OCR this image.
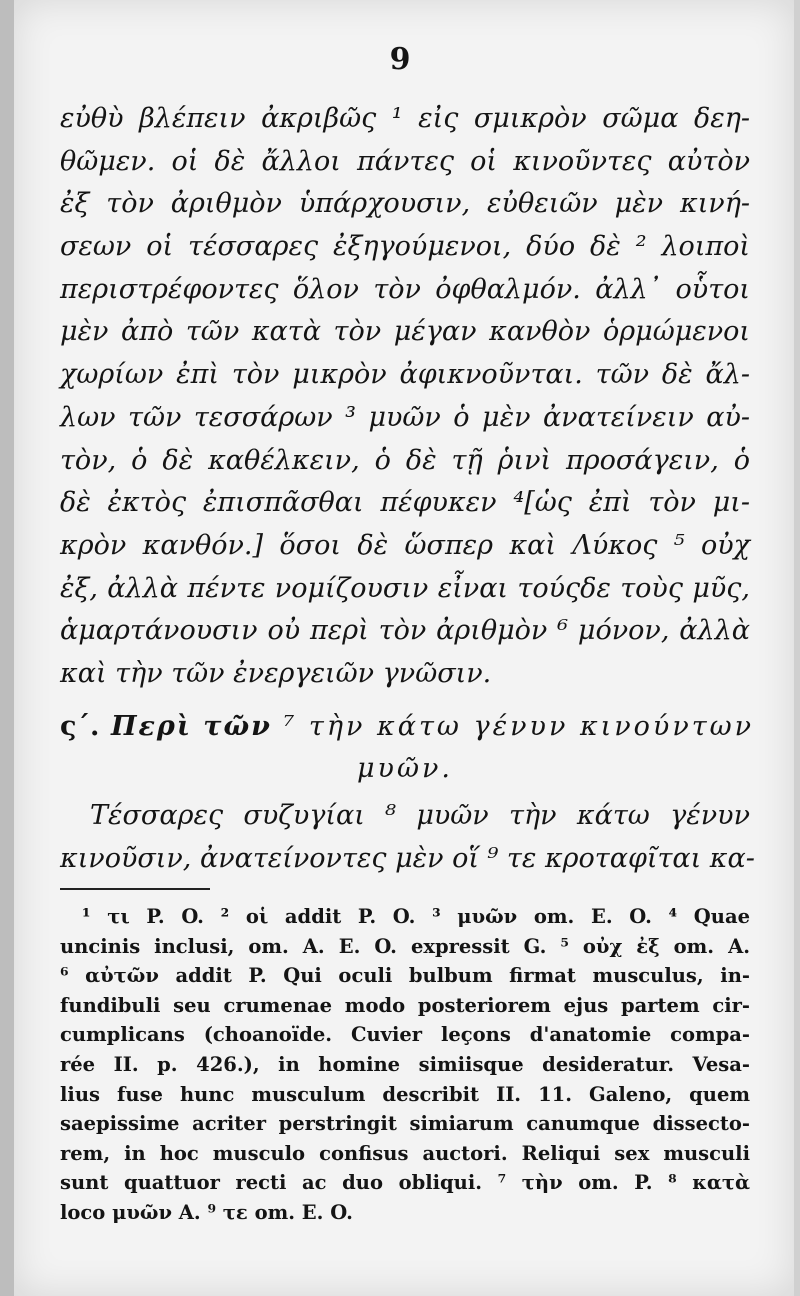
9
εὐθὺ βλέπειν ἀκριβῶς ¹ εἰς σμικρὸν σῶμα δεη-
θῶμεν. οἱ δὲ ἄλλοι πάντες οἱ κινοῦντες αὐτὸν
ἐξ τὸν ἀριθμὸν ὑπάρχουσιν, εὐθειῶν μὲν κινή-
σεων οἱ τέσσαρες ἐξηγούμενοι, δύο δὲ ² λοιποὶ
περιστρέφοντες ὅλον τὸν ὀφθαλμόν. ἀλλ᾽ οὗτοι
μὲν ἀπὸ τῶν κατὰ τὸν μέγαν κανθὸν ὁρμώμενοι
χωρίων ἐπὶ τὸν μικρὸν ἀφικνοῦνται. τῶν δὲ ἄλ-
λων τῶν τεσσάρων ³ μυῶν ὁ μὲν ἀνατείνειν αὐ-
τὸν, ὁ δὲ καθέλκειν, ὁ δὲ τῇ ῥινὶ προσάγειν, ὁ
δὲ ἐκτὸς ἐπισπᾶσθαι πέφυκεν ⁴[ὡς ἐπὶ τὸν μι-
κρὸν κανθόν.] ὅσοι δὲ ὥσπερ καὶ Λύκος ⁵ οὐχ
ἐξ, ἀλλὰ πέντε νομίζουσιν εἶναι τούςδε τοὺς μῦς,
ἁμαρτάνουσιν οὐ περὶ τὸν ἀριθμὸν ⁶ μόνον, ἀλλὰ
καὶ τὴν τῶν ἐνεργειῶν γνῶσιν.
ς΄. Περὶ τῶν ⁷ τὴν κάτω γένυν κινούντων
μυῶν.
Τέσσαρες συζυγίαι ⁸ μυῶν τὴν κάτω γένυν
κινοῦσιν, ἀνατείνοντες μὲν οἵ ⁹ τε κροταφῖται κα-
¹ τι P. O. ² οἱ addit P. O. ³ μυῶν om. E. O. ⁴ Quae
uncinis inclusi, om. A. E. O. expressit G. ⁵ οὐχ ἐξ om. A.
⁶ αὐτῶν addit P. Qui oculi bulbum firmat musculus, in-
fundibuli seu crumenae modo posteriorem ejus partem cir-
cumplicans (choanoïde. Cuvier leçons d'anatomie compa-
rée II. p. 426.), in homine simiisque desideratur. Vesa-
lius fuse hunc musculum describit II. 11. Galeno, quem
saepissime acriter perstringit simiarum canumque dissecto-
rem, in hoc musculo confisus auctori. Reliqui sex musculi
sunt quattuor recti ac duo obliqui. ⁷ τὴν om. P. ⁸ κατὰ
loco μυῶν A. ⁹ τε om. E. O.
